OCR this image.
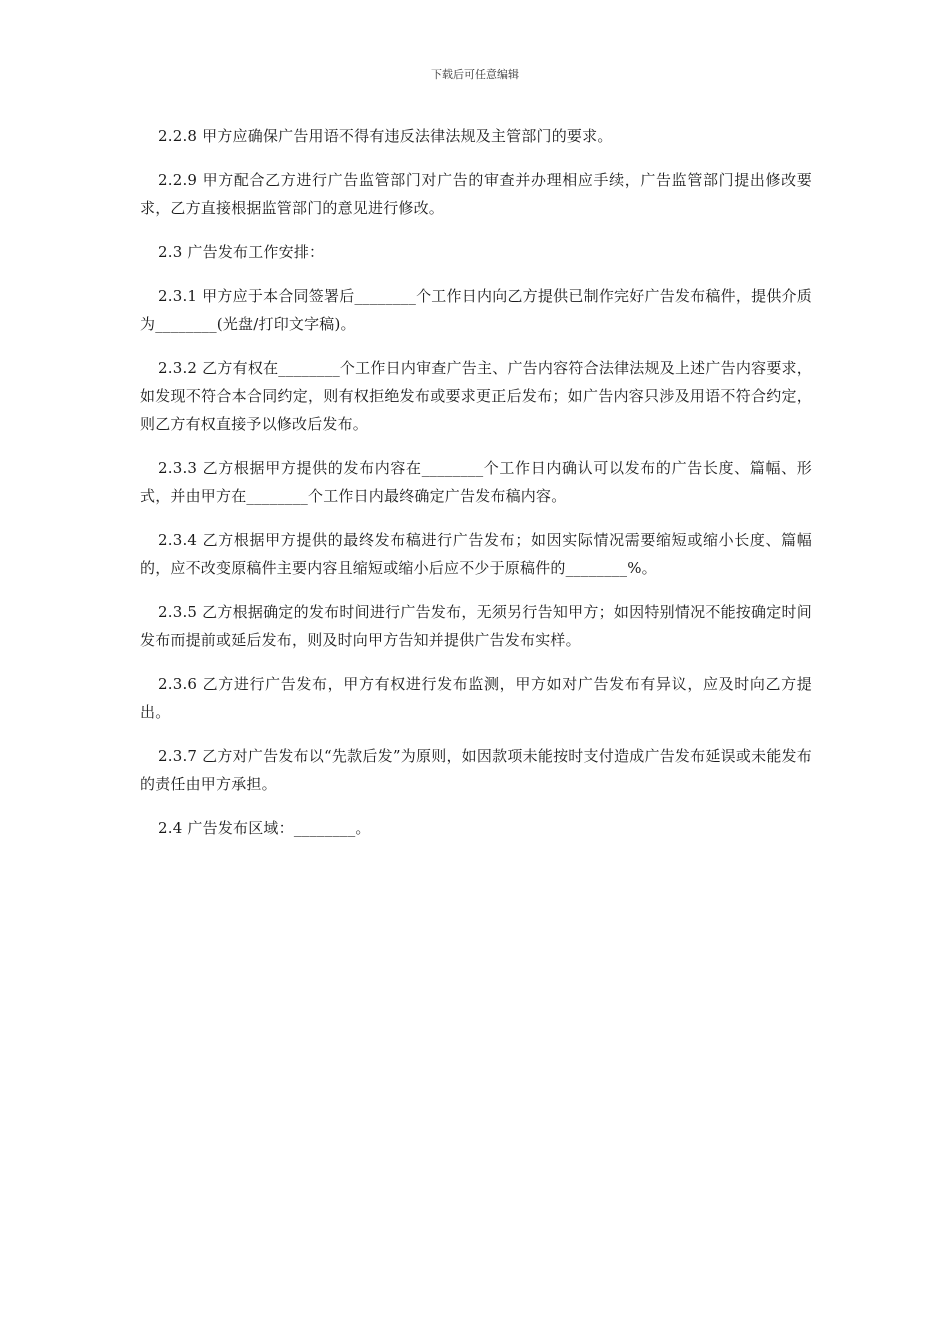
下载后可任意编辑

2.2.8 甲方应确保广告用语不得有违反法律法规及主管部门的要求。

2.2.9 甲方配合乙方进行广告监管部门对广告的审查并办理相应手续，广告监管部门提出修改要求，乙方直接根据监管部门的意见进行修改。

2.3 广告发布工作安排：

2.3.1 甲方应于本合同签署后________个工作日内向乙方提供已制作完好广告发布稿件，提供介质为________(光盘/打印文字稿)。

2.3.2 乙方有权在________个工作日内审查广告主、广告内容符合法律法规及上述广告内容要求，如发现不符合本合同约定，则有权拒绝发布或要求更正后发布；如广告内容只涉及用语不符合约定，则乙方有权直接予以修改后发布。

2.3.3 乙方根据甲方提供的发布内容在________个工作日内确认可以发布的广告长度、篇幅、形式，并由甲方在________个工作日内最终确定广告发布稿内容。

2.3.4 乙方根据甲方提供的最终发布稿进行广告发布；如因实际情况需要缩短或缩小长度、篇幅的，应不改变原稿件主要内容且缩短或缩小后应不少于原稿件的________%。

2.3.5 乙方根据确定的发布时间进行广告发布，无须另行告知甲方；如因特别情况不能按确定时间发布而提前或延后发布，则及时向甲方告知并提供广告发布实样。

2.3.6 乙方进行广告发布，甲方有权进行发布监测，甲方如对广告发布有异议，应及时向乙方提出。

2.3.7 乙方对广告发布以“先款后发”为原则，如因款项未能按时支付造成广告发布延误或未能发布的责任由甲方承担。

2.4 广告发布区域：________。
